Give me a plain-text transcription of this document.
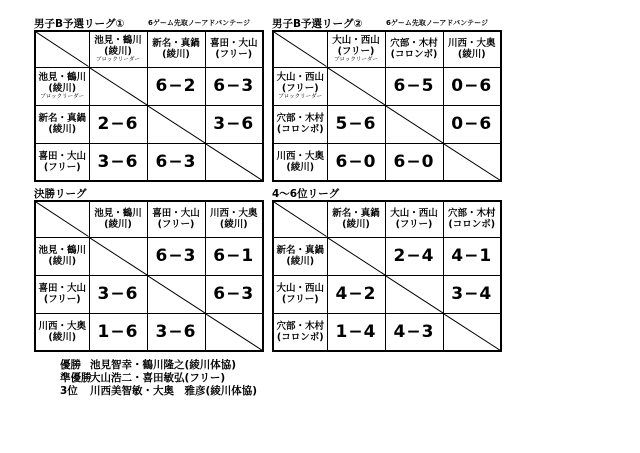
優勝 池見智幸・鶴川隆之(綾川体協)
準優勝大山浩二・喜田敏弘(フリー)
3位 川西美智敏・大奥　雅彦(綾川体協)
男子B予選リーグ①	6ゲーム先取ノーアドバンテージ

池見・鶴川
(綾川)
ブロックリーダー	新名・真鍋
(綾川)	喜田・大山
(フリー)

池見・鶴川
(綾川)
ブロックリーダー		6−2	6−3

新名・真鍋
(綾川)	2−6		3−6

喜田・大山
(フリー)	3−6	6−3	
男子B予選リーグ②	6ゲーム先取ノーアドバンテージ

大山・西山
(フリー)
ブロックリーダー	穴部・木村
(コロンボ)	川西・大奥
(綾川)

大山・西山
(フリー)
ブロックリーダー		6−5	0−6

穴部・木村
(コロンボ)	5−6		0−6

川西・大奥
(綾川)	6−0	6−0	
決勝リーグ

池見・鶴川
(綾川)	喜田・大山
(フリー)	川西・大奥
(綾川)

池見・鶴川
(綾川)		6−3	6−1

喜田・大山
(フリー)	3−6		6−3

川西・大奥
(綾川)	1−6	3−6	
4〜6位リーグ

新名・真鍋
(綾川)	大山・西山
(フリー)	穴部・木村
(コロンボ)

新名・真鍋
(綾川)		2−4	4−1

大山・西山
(フリー)	4−2		3−4

穴部・木村
(コロンボ)	1−4	4−3	
